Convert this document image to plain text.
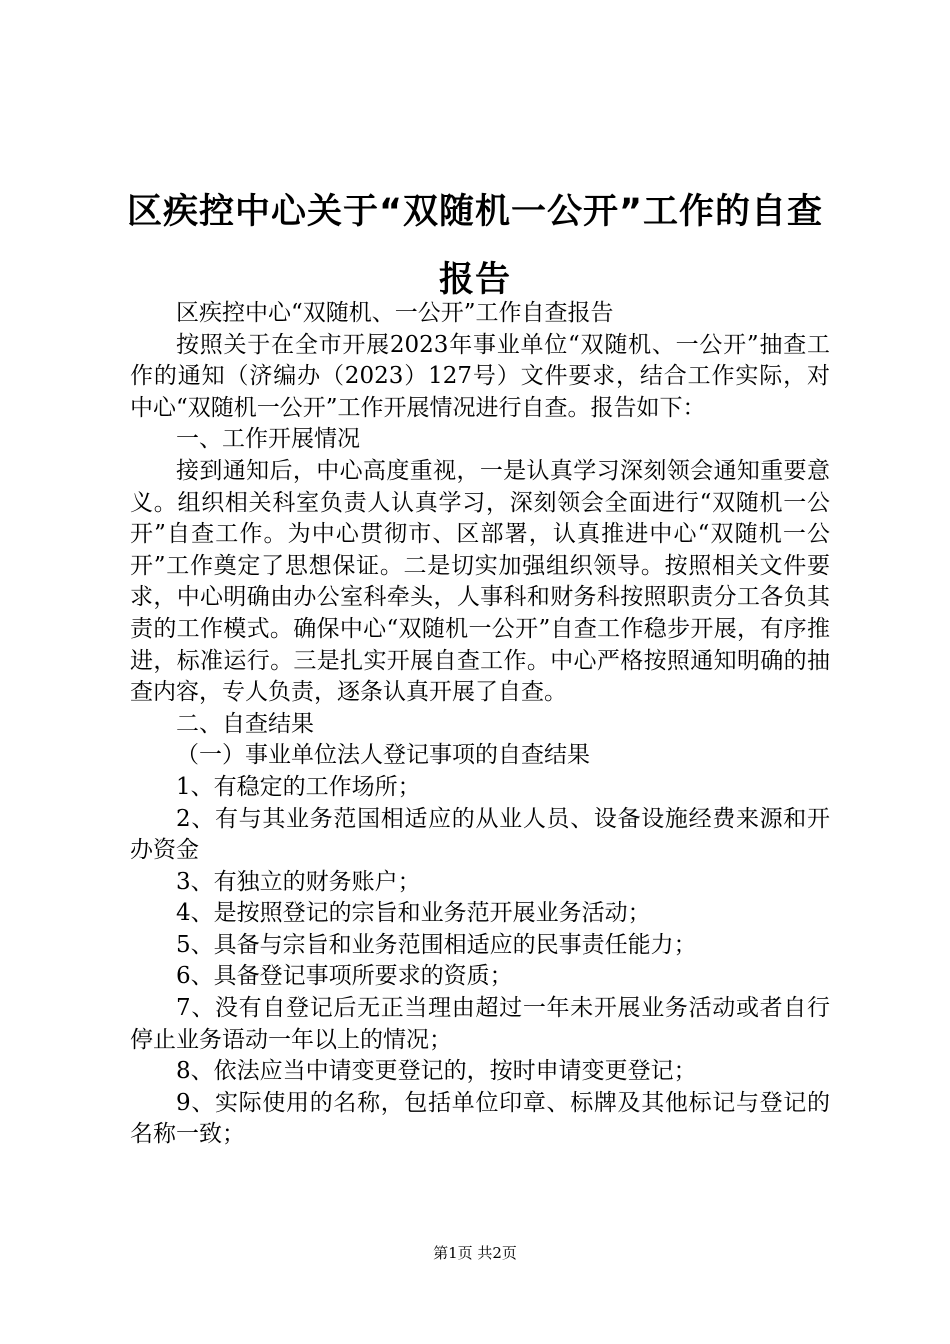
区疾控中心关于“双随机一公开”工作的自查报告

区疾控中心“双随机、一公开”工作自查报告

按照关于在全市开展2023年事业单位“双随机、一公开”抽查工作的通知（济编办（2023）127号）文件要求，结合工作实际，对中心“双随机一公开”工作开展情况进行自查。报告如下：

一、工作开展情况

接到通知后，中心高度重视，一是认真学习深刻领会通知重要意义。组织相关科室负责人认真学习，深刻领会全面进行“双随机一公开”自查工作。为中心贯彻市、区部署，认真推进中心“双随机一公开”工作奠定了思想保证。二是切实加强组织领导。按照相关文件要求，中心明确由办公室科牵头，人事科和财务科按照职责分工各负其责的工作模式。确保中心“双随机一公开”自查工作稳步开展，有序推进，标准运行。三是扎实开展自查工作。中心严格按照通知明确的抽查内容，专人负责，逐条认真开展了自查。

二、自查结果

（一）事业单位法人登记事项的自查结果

1、有稳定的工作场所；

2、有与其业务范国相适应的从业人员、设备设施经费来源和开办资金

3、有独立的财务账户；

4、是按照登记的宗旨和业务范开展业务活动；

5、具备与宗旨和业务范围相适应的民事责任能力；

6、具备登记事项所要求的资质；

7、没有自登记后无正当理由超过一年未开展业务活动或者自行停止业务语动一年以上的情况；

8、依法应当中请变更登记的，按时申请变更登记；

9、实际使用的名称，包括单位印章、标牌及其他标记与登记的名称一致；

第1页 共2页
